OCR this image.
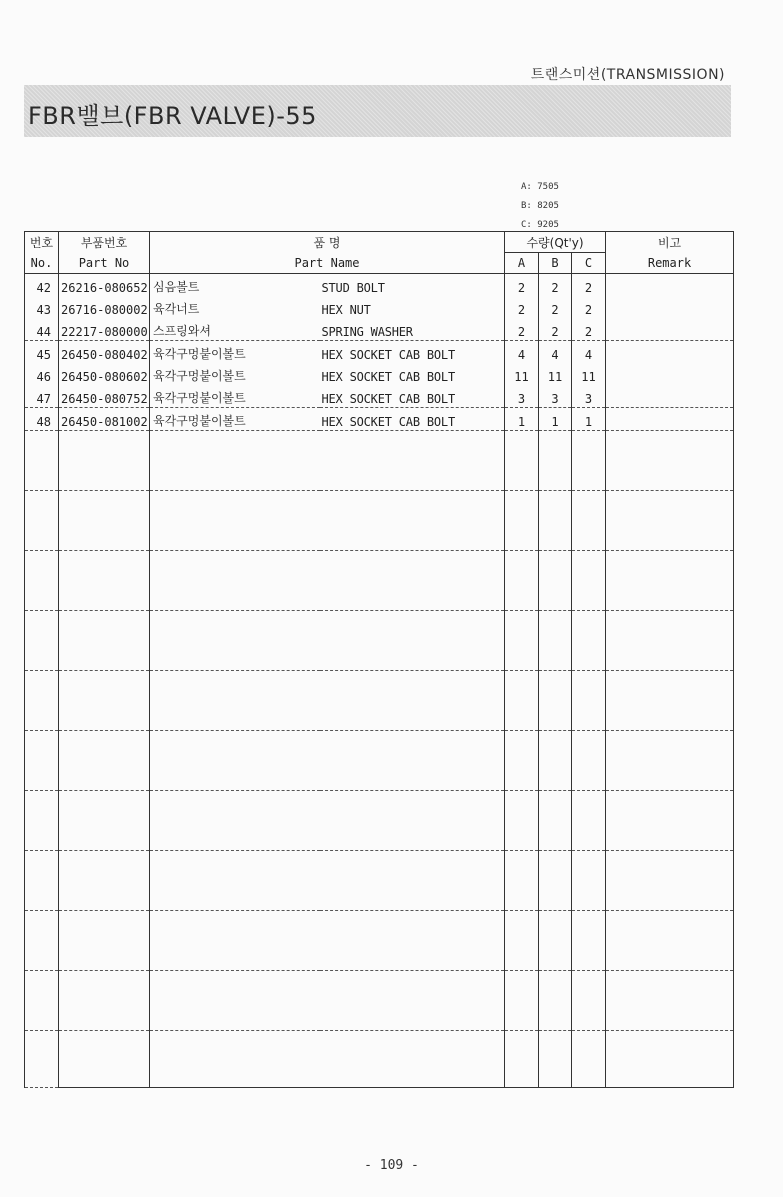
트랜스미션(TRANSMISSION)
FBR밸브(FBR VALVE)-55
A: 7505
B: 8205
C: 9205
번호	부품번호	품 명		수량(Qt'y)			비고
No.	Part No	Part Name		A	B	C	Remark
42	26216-080652	심음볼트	STUD BOLT	2	2	2	
43	26716-080002	육각너트	HEX NUT	2	2	2	
44	22217-080000	스프링와셔	SPRING WASHER	2	2	2	
45	26450-080402	육각구멍붙이볼트	HEX SOCKET CAB BOLT	4	4	4	
46	26450-080602	육각구멍붙이볼트	HEX SOCKET CAB BOLT	11	11	11	
47	26450-080752	육각구멍붙이볼트	HEX SOCKET CAB BOLT	3	3	3	
48	26450-081002	육각구멍붙이볼트	HEX SOCKET CAB BOLT	1	1	1	

- 109 -
